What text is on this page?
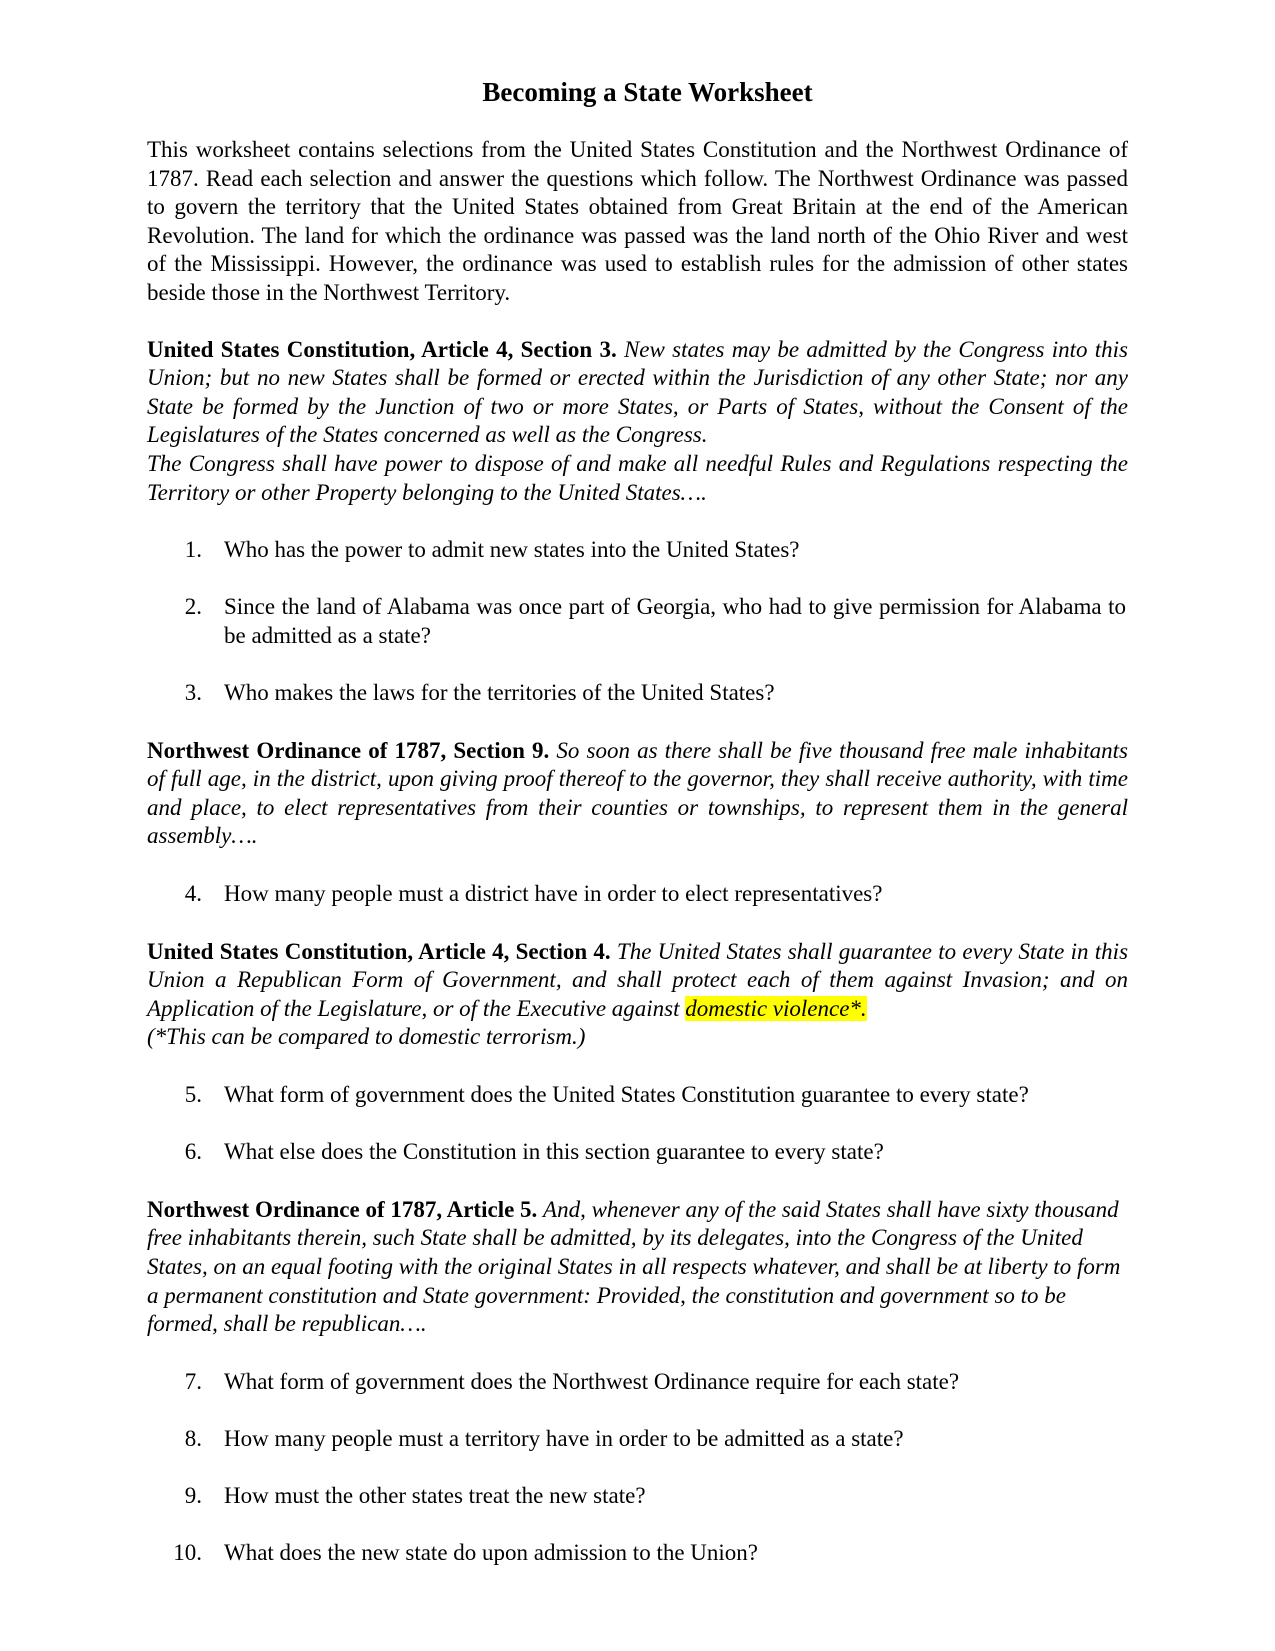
Becoming a State Worksheet

This worksheet contains selections from the United States Constitution and the Northwest Ordinance of 1787. Read each selection and answer the questions which follow. The Northwest Ordinance was passed to govern the territory that the United States obtained from Great Britain at the end of the American Revolution. The land for which the ordinance was passed was the land north of the Ohio River and west of the Mississippi. However, the ordinance was used to establish rules for the admission of other states beside those in the Northwest Territory.

United States Constitution, Article 4, Section 3. New states may be admitted by the Congress into this Union; but no new States shall be formed or erected within the Jurisdiction of any other State; nor any State be formed by the Junction of two or more States, or Parts of States, without the Consent of the Legislatures of the States concerned as well as the Congress.

The Congress shall have power to dispose of and make all needful Rules and Regulations respecting the Territory or other Property belonging to the United States….

1. Who has the power to admit new states into the United States?
2. Since the land of Alabama was once part of Georgia, who had to give permission for Alabama to be admitted as a state?
3. Who makes the laws for the territories of the United States?

Northwest Ordinance of 1787, Section 9. So soon as there shall be five thousand free male inhabitants of full age, in the district, upon giving proof thereof to the governor, they shall receive authority, with time and place, to elect representatives from their counties or townships, to represent them in the general assembly….

4. How many people must a district have in order to elect representatives?

United States Constitution, Article 4, Section 4. The United States shall guarantee to every State in this Union a Republican Form of Government, and shall protect each of them against Invasion; and on Application of the Legislature, or of the Executive against domestic violence*.

(*This can be compared to domestic terrorism.)

5. What form of government does the United States Constitution guarantee to every state?
6. What else does the Constitution in this section guarantee to every state?

Northwest Ordinance of 1787, Article 5. And, whenever any of the said States shall have sixty thousand free inhabitants therein, such State shall be admitted, by its delegates, into the Congress of the United States, on an equal footing with the original States in all respects whatever, and shall be at liberty to form a permanent constitution and State government: Provided, the constitution and government so to be formed, shall be republican….

7. What form of government does the Northwest Ordinance require for each state?
8. How many people must a territory have in order to be admitted as a state?
9. How must the other states treat the new state?
10. What does the new state do upon admission to the Union?
